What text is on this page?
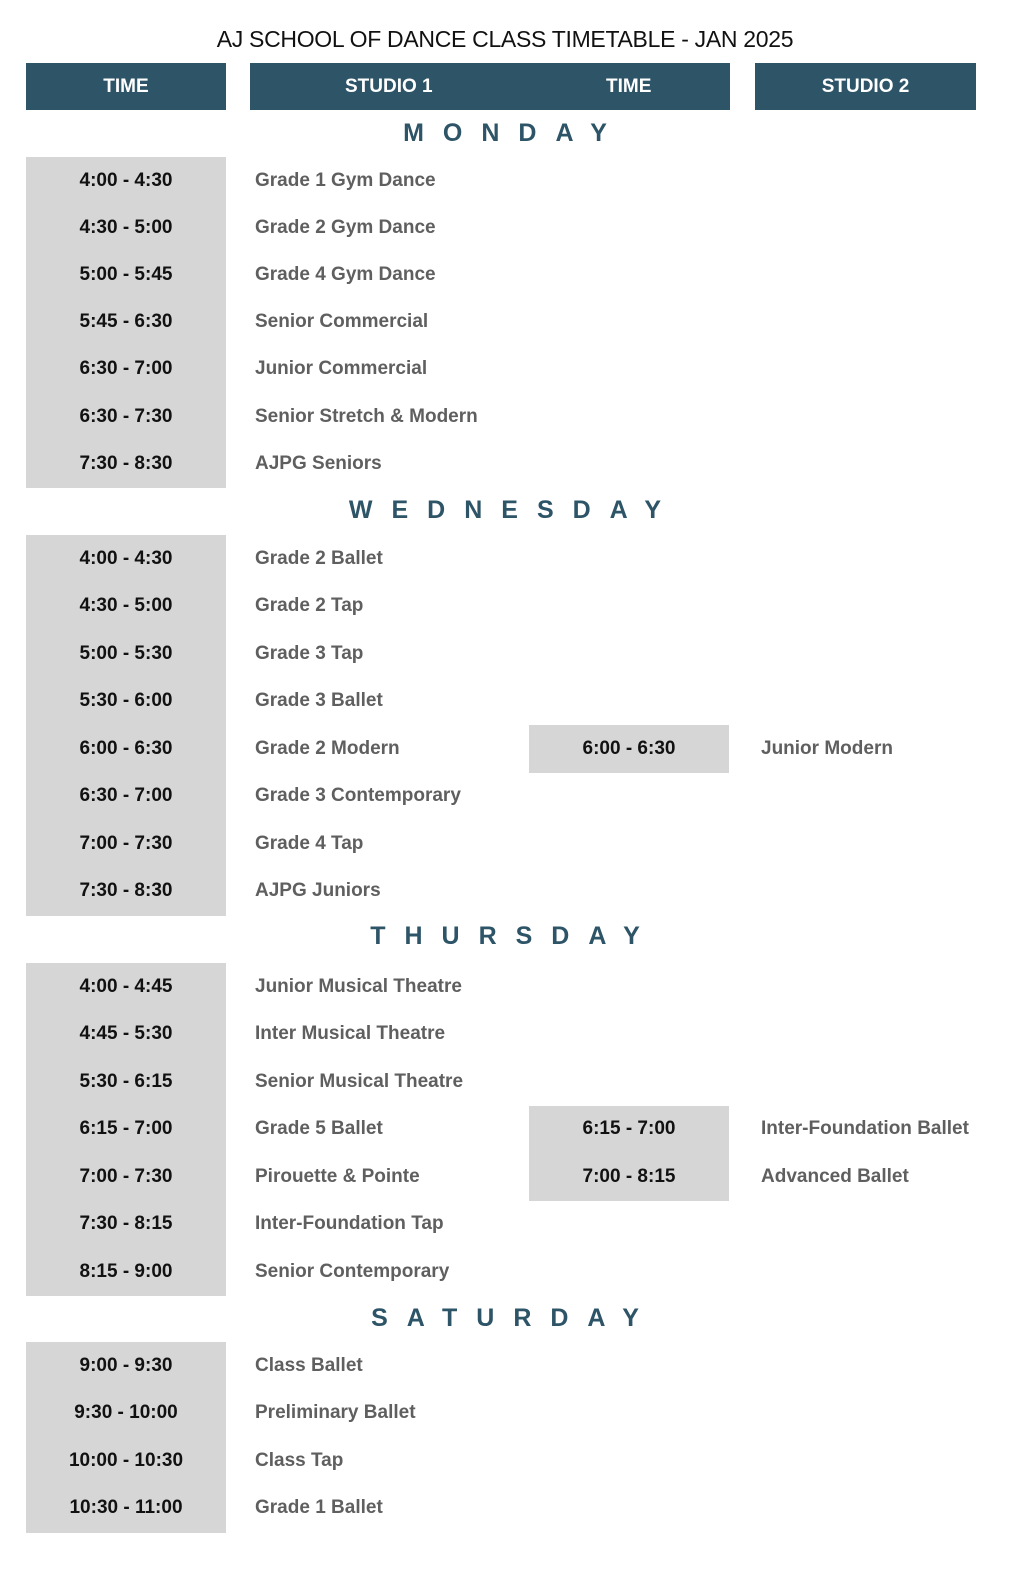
AJ SCHOOL OF DANCE CLASS TIMETABLE - JAN 2025
TIME	STUDIO 1	TIME	STUDIO 2
MONDAY
4:00 - 4:30	Grade 1 Gym Dance
4:30 - 5:00	Grade 2 Gym Dance
5:00 - 5:45	Grade 4 Gym Dance
5:45 - 6:30	Senior Commercial
6:30 - 7:00	Junior Commercial
6:30 - 7:30	Senior Stretch & Modern
7:30 - 8:30	AJPG Seniors
WEDNESDAY
4:00 - 4:30	Grade 2 Ballet
4:30 - 5:00	Grade 2 Tap
5:00 - 5:30	Grade 3 Tap
5:30 - 6:00	Grade 3 Ballet
6:00 - 6:30	Grade 2 Modern	6:00 - 6:30	Junior Modern
6:30 - 7:00	Grade 3 Contemporary
7:00 - 7:30	Grade 4 Tap
7:30 - 8:30	AJPG Juniors
THURSDAY
4:00 - 4:45	Junior Musical Theatre
4:45 - 5:30	Inter Musical Theatre
5:30 - 6:15	Senior Musical Theatre
6:15 - 7:00	Grade 5 Ballet	6:15 - 7:00	Inter-Foundation Ballet
7:00 - 7:30	Pirouette & Pointe	7:00 - 8:15	Advanced Ballet
7:30 - 8:15	Inter-Foundation Tap
8:15 - 9:00	Senior Contemporary
SATURDAY
9:00 - 9:30	Class Ballet
9:30 - 10:00	Preliminary Ballet
10:00 - 10:30	Class Tap
10:30 - 11:00	Grade 1 Ballet
